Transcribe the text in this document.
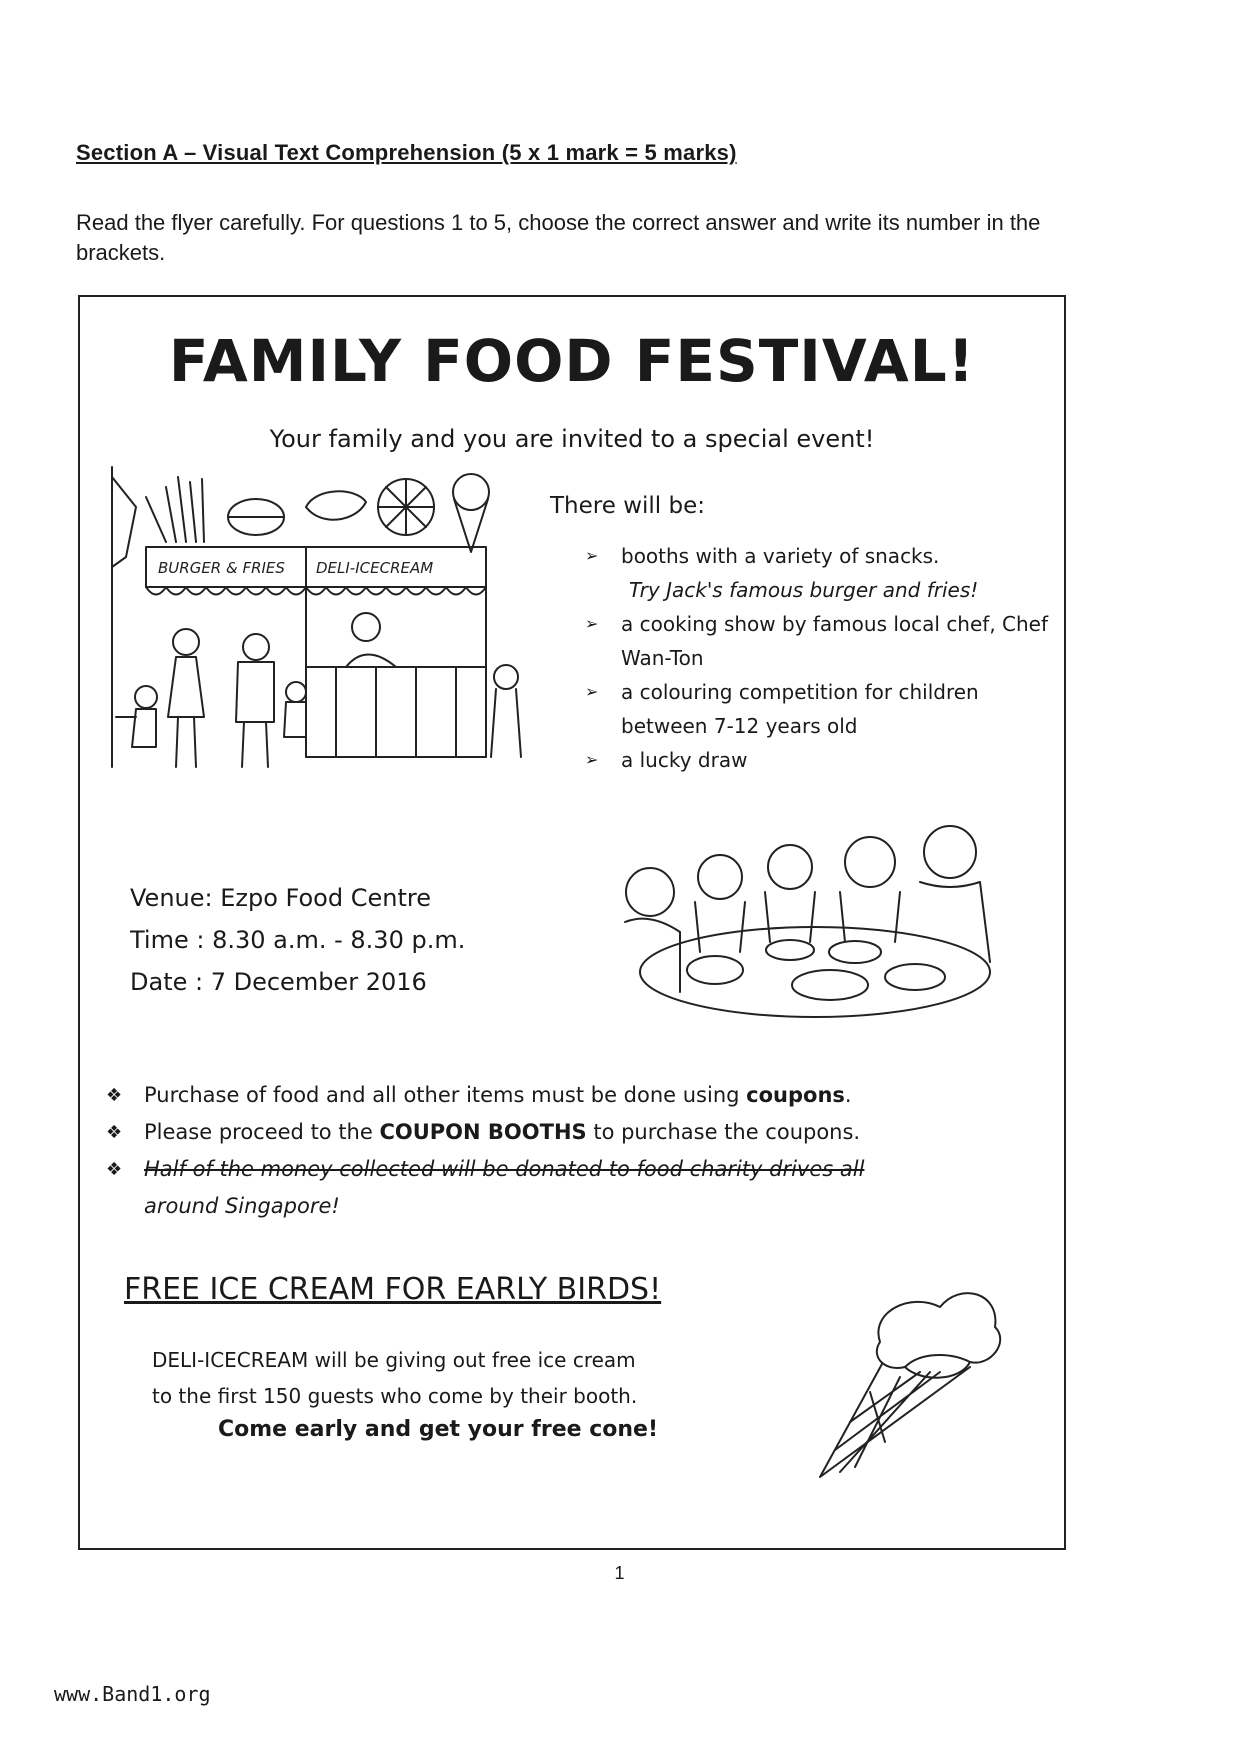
Section A – Visual Text Comprehension (5 x 1 mark = 5 marks)
Read the flyer carefully. For questions 1 to 5, choose the correct answer and write its number in the brackets.
FAMILY FOOD FESTIVAL!
Your family and you are invited to a special event!
BURGER & FRIES DELI-ICECREAM
There will be:
➢ booths with a variety of snacks.
Try Jack's famous burger and fries!
➢ a cooking show by famous local chef, Chef Wan-Ton
➢ a colouring competition for children between 7-12 years old
➢ a lucky draw
Venue: Ezpo Food Centre
Time : 8.30 a.m. - 8.30 p.m.
Date : 7 December 2016
❖ Purchase of food and all other items must be done using coupons.
❖ Please proceed to the COUPON BOOTHS to purchase the coupons.
❖ Half of the money collected will be donated to food charity drives all
around Singapore!
FREE ICE CREAM FOR EARLY BIRDS!
DELI-ICECREAM will be giving out free ice cream
to the first 150 guests who come by their booth.
Come early and get your free cone!
1
www.Band1.org
